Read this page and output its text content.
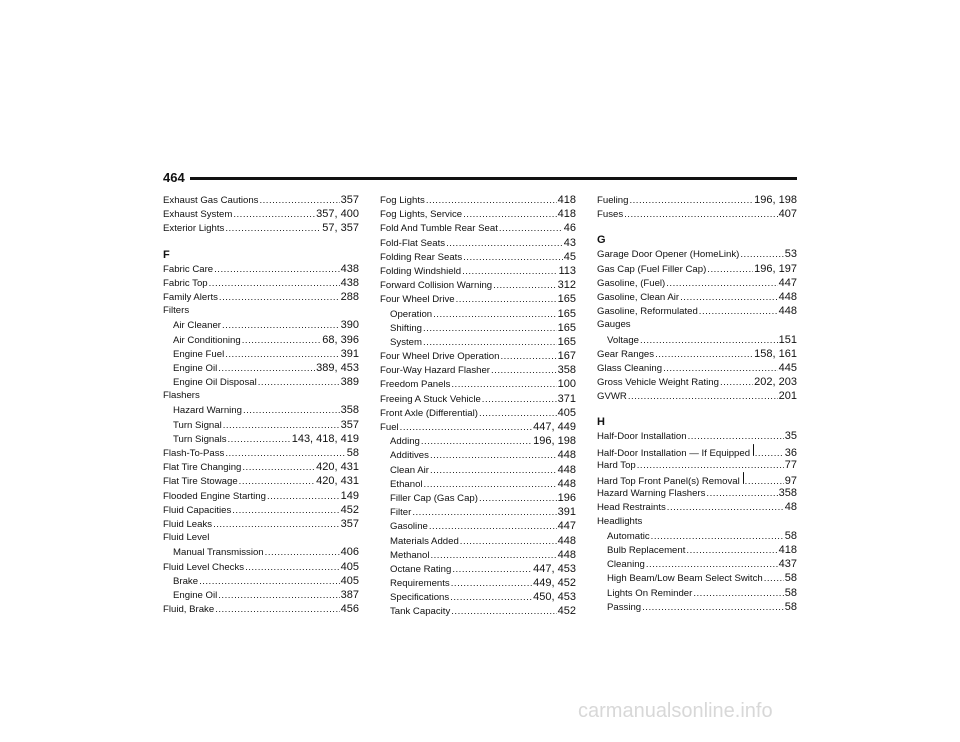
464
Exhaust Gas Cautions .....	357
Exhaust System .....	357, 400
Exterior Lights .....	57, 357
F
Fabric Care .....	438
Fabric Top .....	438
Family Alerts .....	288
Filters
Air Cleaner .....	390
Air Conditioning .....	68, 396
Engine Fuel .....	391
Engine Oil .....	389, 453
Engine Oil Disposal .....	389
Flashers
Hazard Warning .....	358
Turn Signal .....	357
Turn Signals .....	143, 418, 419
Flash-To-Pass .....	58
Flat Tire Changing .....	420, 431
Flat Tire Stowage .....	420, 431
Flooded Engine Starting .....	149
Fluid Capacities .....	452
Fluid Leaks .....	357
Fluid Level
Manual Transmission .....	406
Fluid Level Checks .....	405
Brake .....	405
Engine Oil .....	387
Fluid, Brake .....	456
Fog Lights .....	418
Fog Lights, Service .....	418
Fold And Tumble Rear Seat .....	46
Fold-Flat Seats .....	43
Folding Rear Seats .....	45
Folding Windshield .....	113
Forward Collision Warning .....	312
Four Wheel Drive .....	165
Operation .....	165
Shifting .....	165
System .....	165
Four Wheel Drive Operation .....	167
Four-Way Hazard Flasher .....	358
Freedom Panels .....	100
Freeing A Stuck Vehicle .....	371
Front Axle (Differential) .....	405
Fuel .....	447, 449
Adding .....	196, 198
Additives .....	448
Clean Air .....	448
Ethanol .....	448
Filler Cap (Gas Cap) .....	196
Filter .....	391
Gasoline .....	447
Materials Added .....	448
Methanol .....	448
Octane Rating .....	447, 453
Requirements .....	449, 452
Specifications .....	450, 453
Tank Capacity .....	452
Fueling .....	196, 198
Fuses .....	407
G
Garage Door Opener (HomeLink) .....	53
Gas Cap (Fuel Filler Cap) .....	196, 197
Gasoline, (Fuel) .....	447
Gasoline, Clean Air .....	448
Gasoline, Reformulated .....	448
Gauges
Voltage .....	151
Gear Ranges .....	158, 161
Glass Cleaning .....	445
Gross Vehicle Weight Rating .....	202, 203
GVWR .....	201
H
Half-Door Installation .....	35
Half-Door Installation — If Equipped .....	36
Hard Top .....	77
Hard Top Front Panel(s) Removal .....	97
Hazard Warning Flashers .....	358
Head Restraints .....	48
Headlights
Automatic .....	58
Bulb Replacement .....	418
Cleaning .....	437
High Beam/Low Beam Select Switch ..... 58
Lights On Reminder .....	58
Passing .....	58
carmanualsonline.info
